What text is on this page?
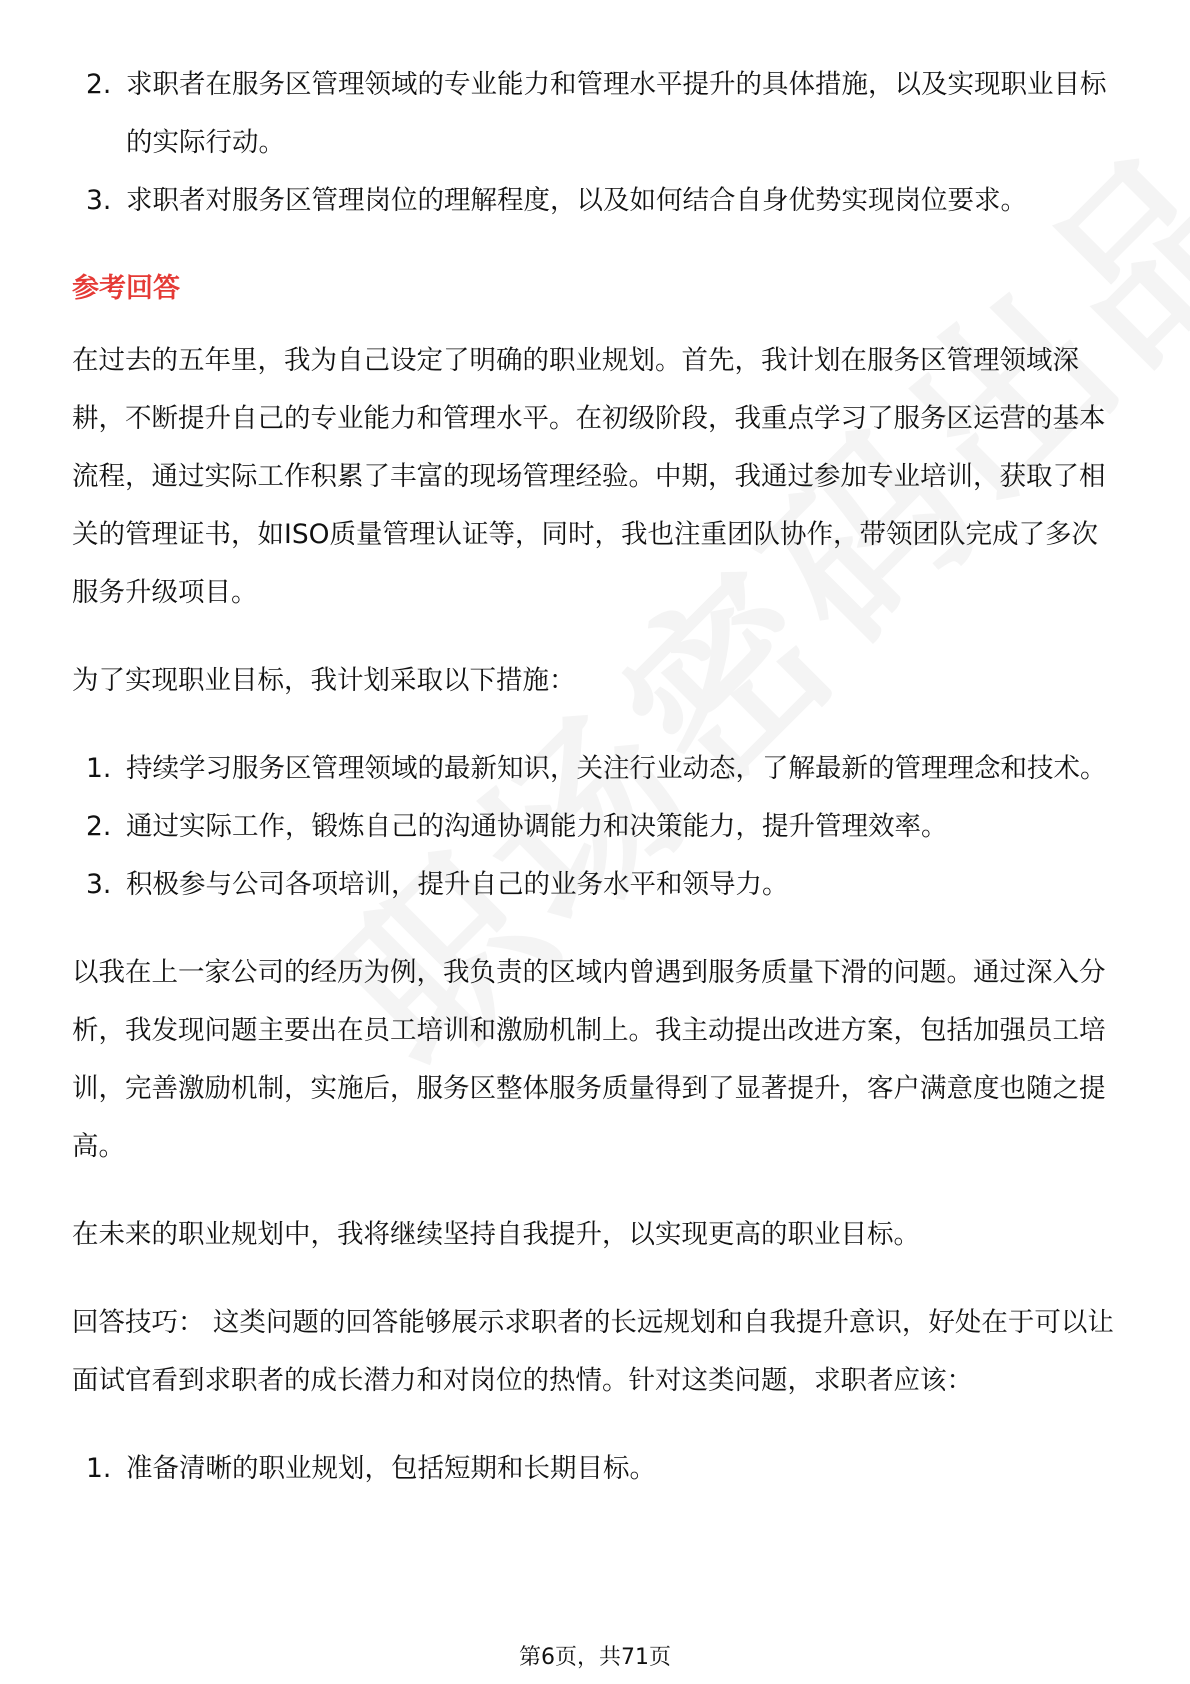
2. 求职者在服务区管理领域的专业能力和管理水平提升的具体措施，以及实现职业目标的实际行动。
3. 求职者对服务区管理岗位的理解程度，以及如何结合自身优势实现岗位要求。
参考回答

在过去的五年里，我为自己设定了明确的职业规划。首先，我计划在服务区管理领域深耕，不断提升自己的专业能力和管理水平。在初级阶段，我重点学习了服务区运营的基本流程，通过实际工作积累了丰富的现场管理经验。中期，我通过参加专业培训，获取了相关的管理证书，如ISO质量管理认证等，同时，我也注重团队协作，带领团队完成了多次服务升级项目。

为了实现职业目标，我计划采取以下措施：

1. 持续学习服务区管理领域的最新知识，关注行业动态，了解最新的管理理念和技术。
2. 通过实际工作，锻炼自己的沟通协调能力和决策能力，提升管理效率。
3. 积极参与公司各项培训，提升自己的业务水平和领导力。

以我在上一家公司的经历为例，我负责的区域内曾遇到服务质量下滑的问题。通过深入分析，我发现问题主要出在员工培训和激励机制上。我主动提出改进方案，包括加强员工培训，完善激励机制，实施后，服务区整体服务质量得到了显著提升，客户满意度也随之提高。

在未来的职业规划中，我将继续坚持自我提升，以实现更高的职业目标。

回答技巧： 这类问题的回答能够展示求职者的长远规划和自我提升意识，好处在于可以让面试官看到求职者的成长潜力和对岗位的热情。针对这类问题，求职者应该：

1. 准备清晰的职业规划，包括短期和长期目标。
第6页，共71页
